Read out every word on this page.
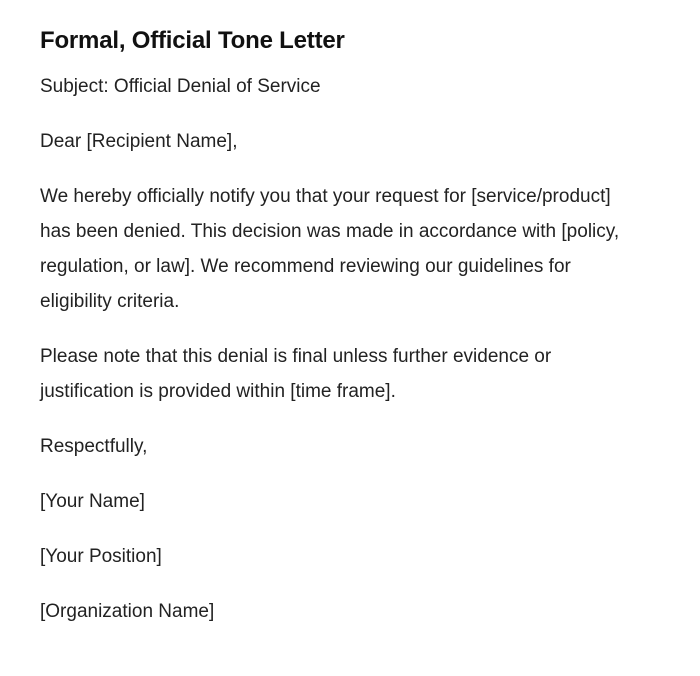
Formal, Official Tone Letter

Subject: Official Denial of Service

Dear [Recipient Name],

We hereby officially notify you that your request for [service/product] has been denied. This decision was made in accordance with [policy, regulation, or law]. We recommend reviewing our guidelines for eligibility criteria.

Please note that this denial is final unless further evidence or justification is provided within [time frame].

Respectfully,

[Your Name]

[Your Position]

[Organization Name]
